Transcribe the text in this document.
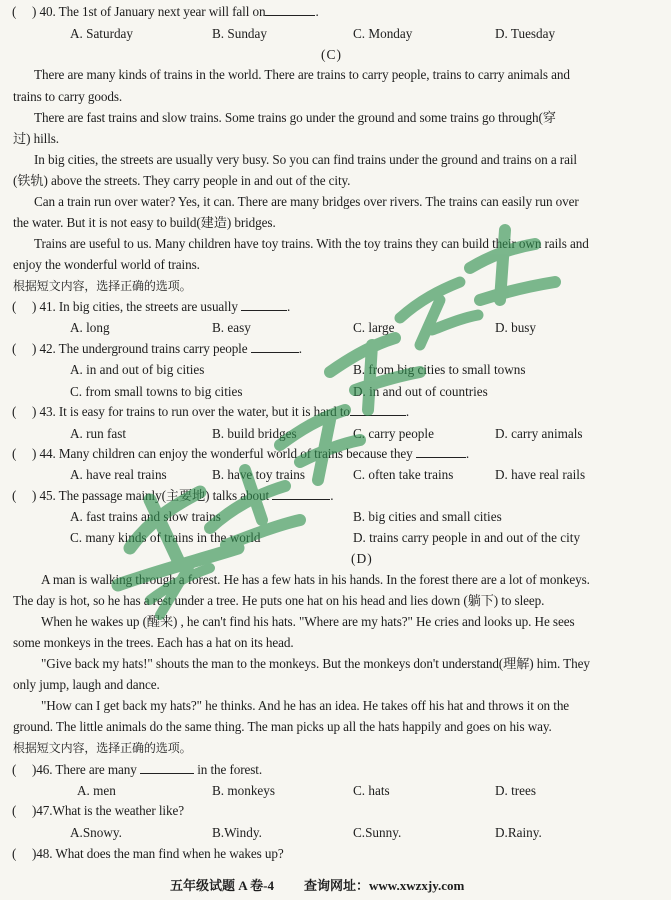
( ) 40. The 1st of January next year will fall on	.
A. Saturday	B. Sunday	C. Monday	D. Tuesday
(C)
There are many kinds of trains in the world. There are trains to carry people, trains to carry animals and
trains to carry goods.
There are fast trains and slow trains. Some trains go under the ground and some trains go through(穿
过) hills.
In big cities, the streets are usually very busy. So you can find trains under the ground and trains on a rail
(铁轨) above the streets. They carry people in and out of the city.
Can a train run over water? Yes, it can. There are many bridges over rivers. The trains can easily run over
the water. But it is not easy to build(建造) bridges.
Trains are useful to us. Many children have toy trains. With the toy trains they can build their own rails and
enjoy the wonderful world of trains.
根据短文内容，选择正确的选项。
( ) 41. In big cities, the streets are usually	.
A. long	B. easy	C. large	D. busy
( ) 42. The underground trains carry people	.
A. in and out of big cities	B. from big cities to small towns
C. from small towns to big cities	D. in and out of countries
( ) 43. It is easy for trains to run over the water, but it is hard to	.
A. run fast	B. build bridges	C. carry people	D. carry animals
( ) 44. Many children can enjoy the wonderful world of trains because they	.
A. have real trains	B. have toy trains	C. often take trains	D. have real rails
( ) 45. The passage mainly(主要地) talks about	.
A. fast trains and slow trains	B. big cities and small cities
C. many kinds of trains in the world	D. trains carry people in and out of the city
(D)
A man is walking through a forest. He has a few hats in his hands. In the forest there are a lot of monkeys.
The day is hot, so he has a rest under a tree. He puts one hat on his head and lies down (躺下) to sleep.
When he wakes up (醒来) , he can't find his hats. "Where are my hats?" He cries and looks up. He sees
some monkeys in the trees. Each has a hat on its head.
"Give back my hats!" shouts the man to the monkeys. But the monkeys don't understand(理解) him. They
only jump, laugh and dance.
"How can I get back my hats?" he thinks. And he has an idea. He takes off his hat and throws it on the
ground. The little animals do the same thing. The man picks up all the hats happily and goes on his way.
根据短文内容，选择正确的选项。
( )46. There are many	in the forest.
A. men	B. monkeys	C. hats	D. trees
( )47.What is the weather like?
A.Snowy.	B.Windy.	C.Sunny.	D.Rainy.
( )48. What does the man find when he wakes up?
五年级试题 A 卷-4 查询网址：www.xwzxjy.com
